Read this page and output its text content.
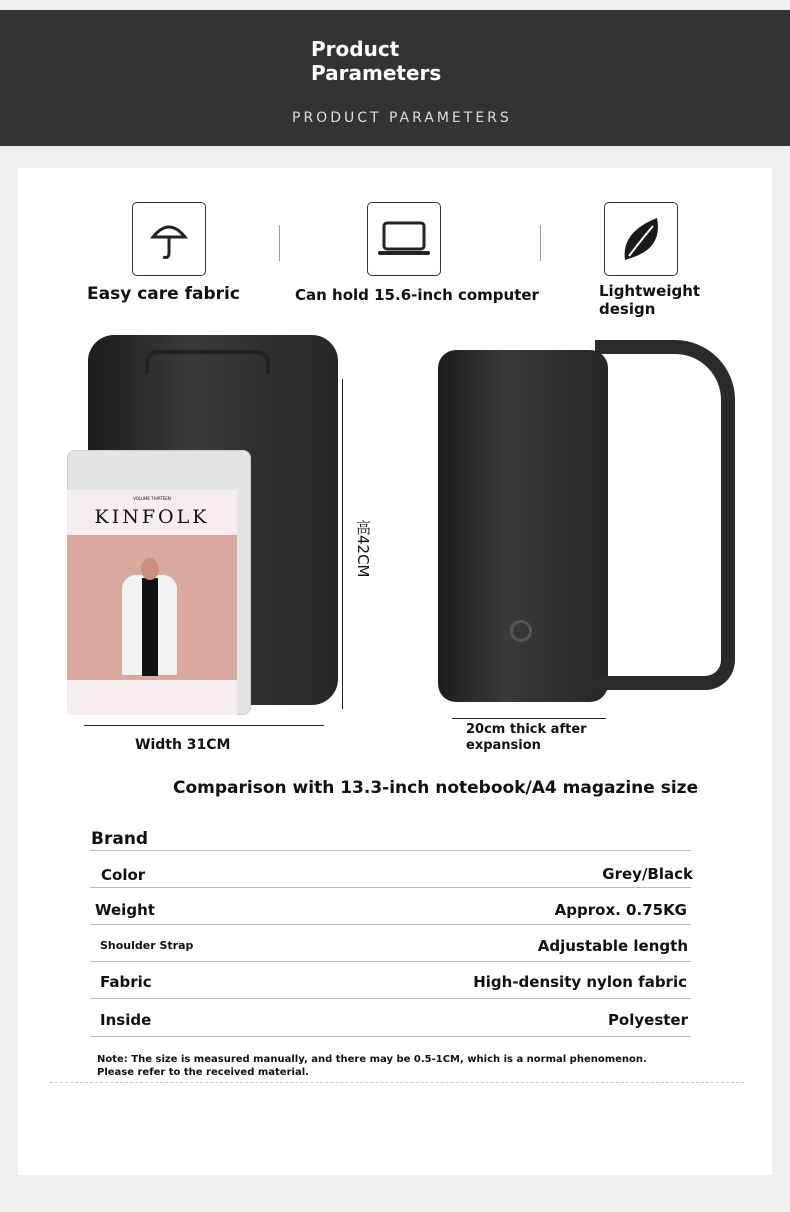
Product Parameters
PRODUCT PARAMETERS
Easy care fabric	Can hold 15.6-inch computer	Lightweight design
VOLUME THIRTEEN
KINFOLK
高42CM
Width 31CM
20cm thick after expansion
Comparison with 13.3-inch notebook/A4 magazine size
Brand
Color	Grey/Black
Weight	Approx. 0.75KG
Shoulder Strap	Adjustable length
Fabric	High-density nylon fabric
Inside	Polyester
Note: The size is measured manually, and there may be 0.5-1CM, which is a normal phenomenon. Please refer to the received material.
